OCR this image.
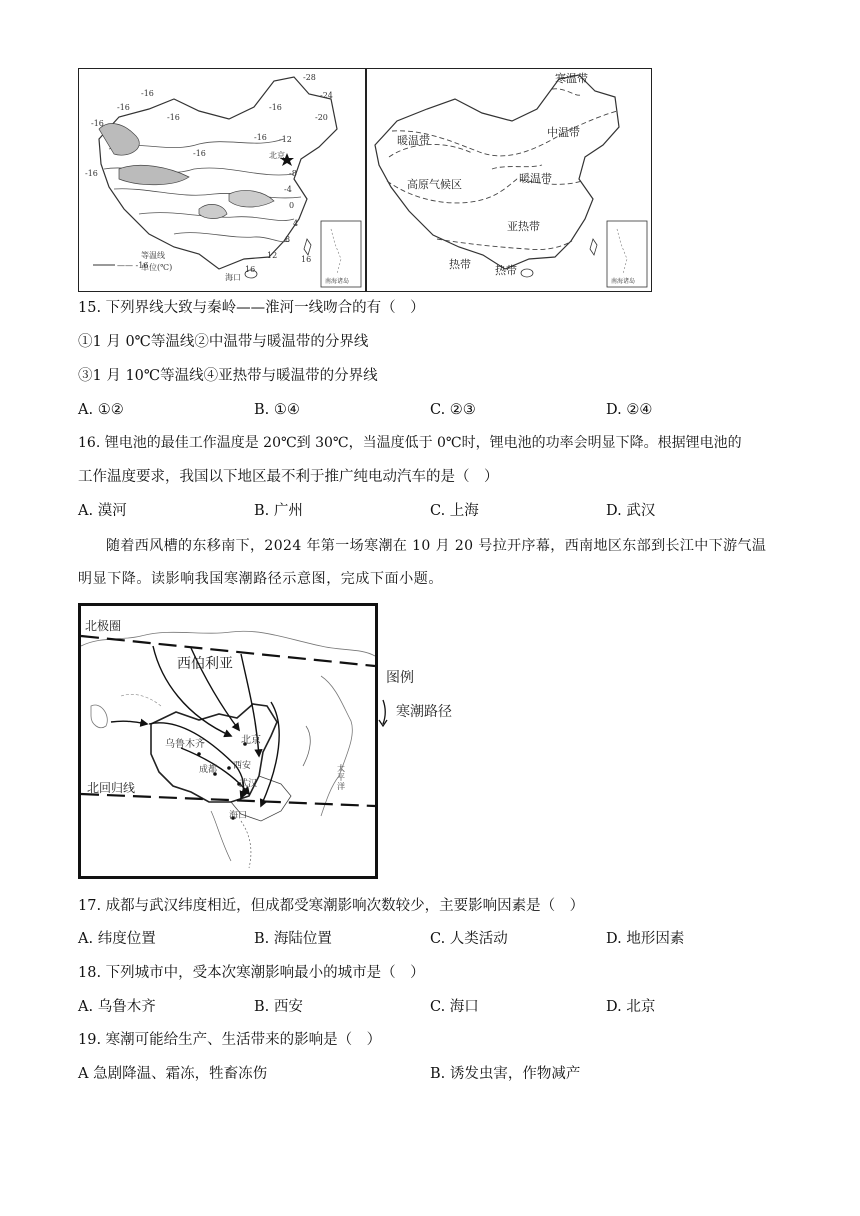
-28
-24
-20
-16
-16
-16
-16
-16
-16 -12
-8
-4
0
4
8
12
16
-16
16
-16	北京
海口
—— -16
等温线
单位(℃)
南海诸岛
寒温带
中温带
暖温带
高原气候区	暖温带
亚热带
热带 热带
南海诸岛
15. 下列界线大致与秦岭——淮河一线吻合的有（　）
①1 月 0℃等温线②中温带与暖温带的分界线
③1 月 10℃等温线④亚热带与暖温带的分界线
A. ①②	B. ①④	C. ②③	D. ②④
16. 锂电池的最佳工作温度是 20℃到 30℃，当温度低于 0℃时，锂电池的功率会明显下降。根据锂电池的
工作温度要求，我国以下地区最不利于推广纯电动汽车的是（　）
A. 漠河	B. 广州	C. 上海	D. 武汉
随着西风槽的东移南下，2024 年第一场寒潮在 10 月 20 号拉开序幕，西南地区东部到长江中下游气温
明显下降。读影响我国寒潮路径示意图，完成下面小题。
北极圈
北回归线
西伯利亚
乌鲁木齐	北京
成都 西安
武汉
海口
太平洋
图例
寒潮路径
17. 成都与武汉纬度相近，但成都受寒潮影响次数较少，主要影响因素是（　）
A. 纬度位置	B. 海陆位置	C. 人类活动	D. 地形因素
18. 下列城市中，受本次寒潮影响最小的城市是（　）
A. 乌鲁木齐	B. 西安	C. 海口	D. 北京
19. 寒潮可能给生产、生活带来的影响是（　）
A 急剧降温、霜冻，牲畜冻伤	B. 诱发虫害，作物减产
